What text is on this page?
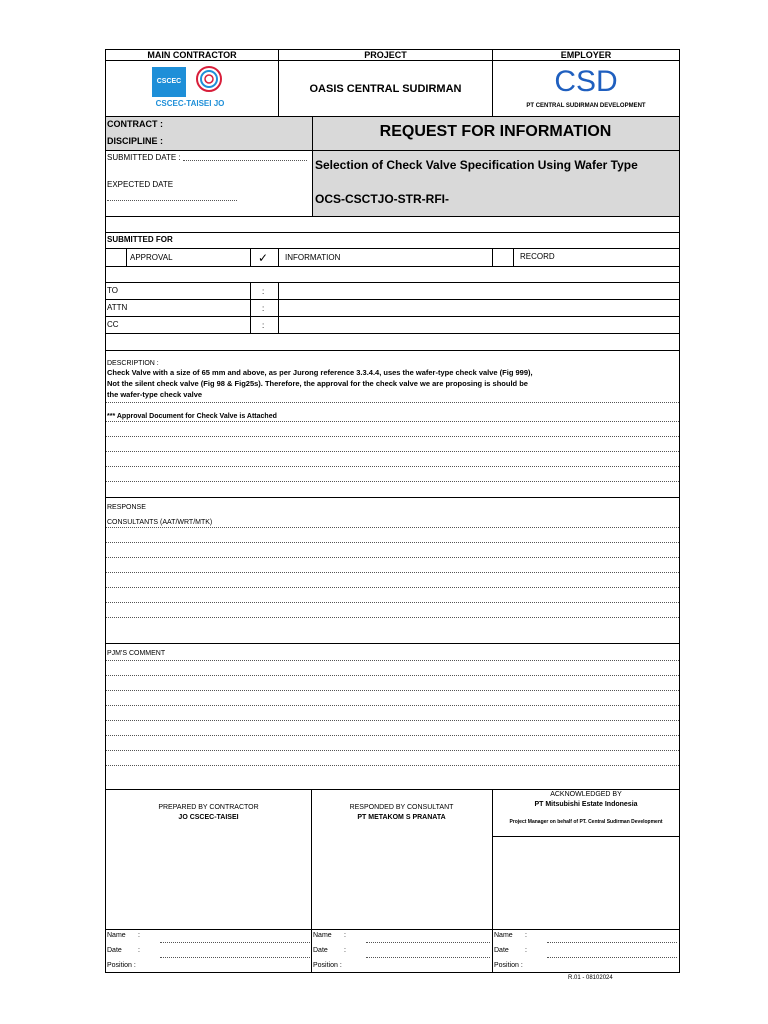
MAIN CONTRACTOR	PROJECT	EMPLOYER
CSCEC
CSCEC-TAISEI JO
OASIS CENTRAL SUDIRMAN	CSD
PT CENTRAL SUDIRMAN DEVELOPMENT
CONTRACT :
DISCIPLINE :
SUBMITTED DATE :
EXPECTED DATE
REQUEST FOR INFORMATION
Selection of Check Valve Specification Using Wafer Type
OCS-CSCTJO-STR-RFI-
SUBMITTED FOR
APPROVAL	✓ INFORMATION	RECORD
TO	:
ATTN	:
CC	:
DESCRIPTION :
Check Valve with a size of 65 mm and above, as per Jurong reference 3.3.4.4, uses the wafer-type check valve (Fig 999),
Not the silent check valve (Fig 98 & Fig25s). Therefore, the approval for the check valve we are proposing is should be
the wafer-type check valve
*** Approval Document for Check Valve is Attached
RESPONSE
CONSULTANTS (AAT/WRT/MTK)
PJM'S COMMENT
PREPARED BY CONTRACTOR
JO CSCEC-TAISEI
RESPONDED BY CONSULTANT
PT METAKOM S PRANATA
ACKNOWLEDGED BY
PT Mitsubishi Estate Indonesia
Project Manager on behalf of PT. Central Sudirman Development
Name :
Date :
Position :
Name :
Date :
Position :
Name :
Date :
Position :
R.01 - 08102024
